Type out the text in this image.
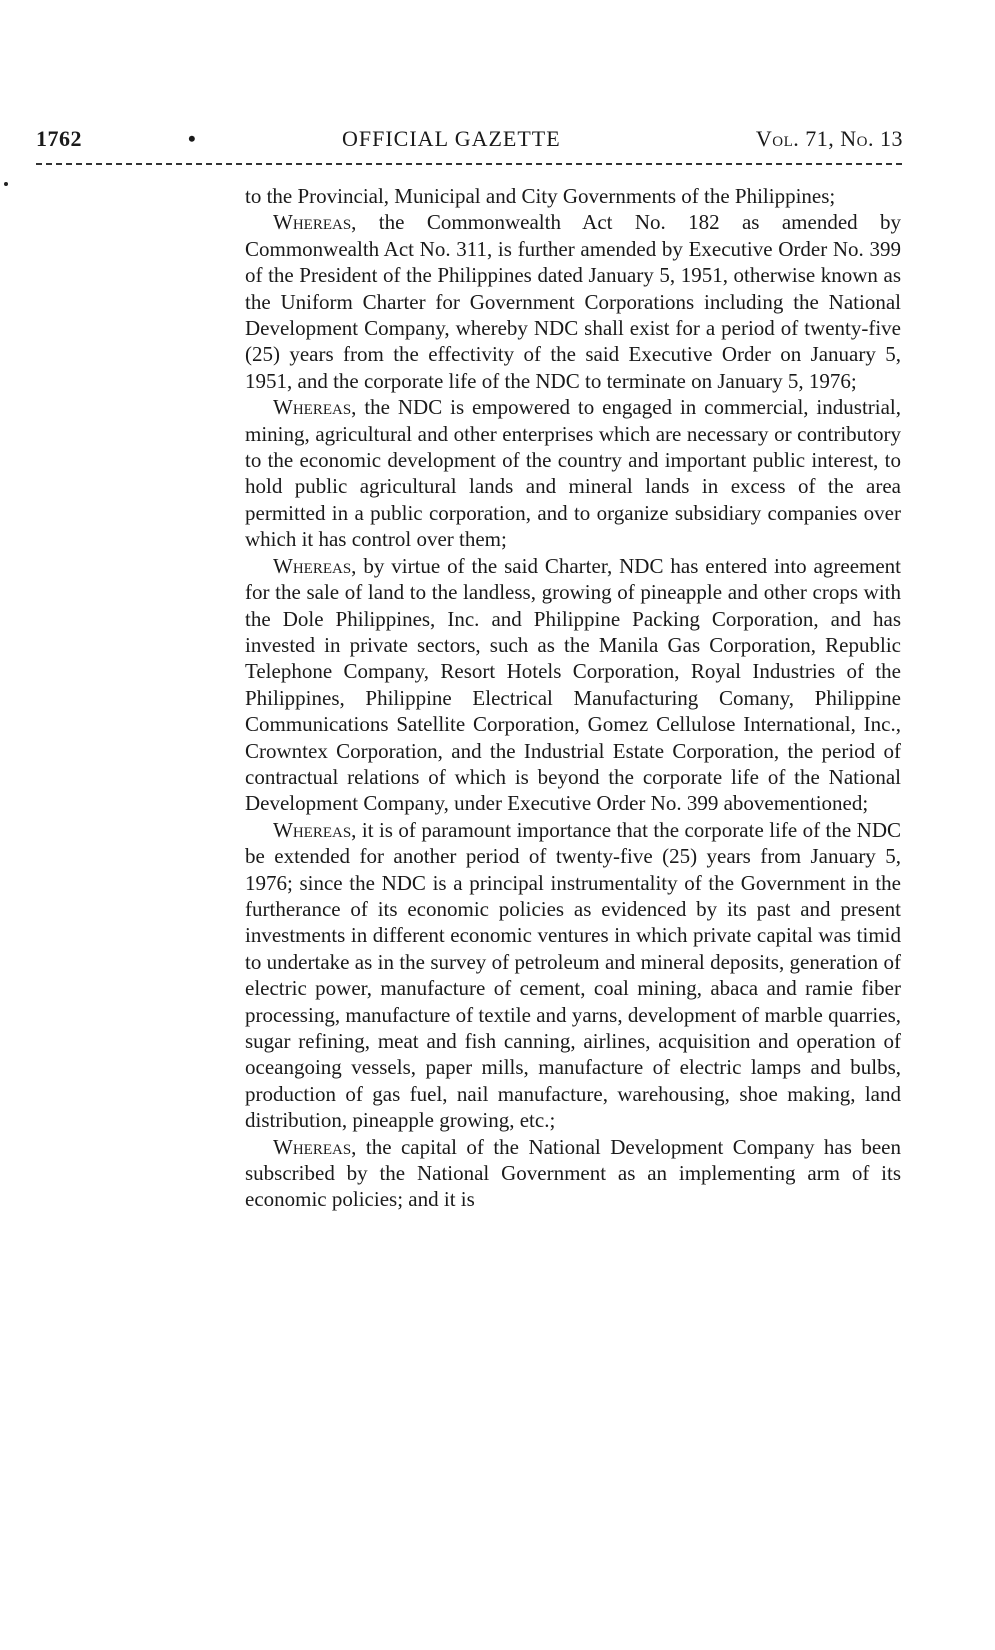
1762	•	OFFICIAL GAZETTE	Vol. 71, No. 13

to the Provincial, Municipal and City Governments of the Philippines;

Whereas, the Commonwealth Act No. 182 as amended by Commonwealth Act No. 311, is further amended by Executive Order No. 399 of the President of the Philippines dated January 5, 1951, otherwise known as the Uniform Charter for Government Corporations including the National Development Company, whereby NDC shall exist for a period of twenty-five (25) years from the effectivity of the said Executive Order on January 5, 1951, and the corporate life of the NDC to terminate on January 5, 1976;

Whereas, the NDC is empowered to engaged in commercial, industrial, mining, agricultural and other enterprises which are necessary or contributory to the economic development of the country and important public interest, to hold public agricultural lands and mineral lands in excess of the area permitted in a public corporation, and to organize subsidiary companies over which it has control over them;

Whereas, by virtue of the said Charter, NDC has entered into agreement for the sale of land to the landless, growing of pineapple and other crops with the Dole Philippines, Inc. and Philippine Packing Corporation, and has invested in private sectors, such as the Manila Gas Corporation, Republic Telephone Company, Resort Hotels Corporation, Royal Industries of the Philippines, Philippine Electrical Manufacturing Comany, Philippine Communications Satellite Corporation, Gomez Cellulose International, Inc., Crowntex Corporation, and the Industrial Estate Corporation, the period of contractual relations of which is beyond the corporate life of the National Development Company, under Executive Order No. 399 abovementioned;

Whereas, it is of paramount importance that the corporate life of the NDC be extended for another period of twenty-five (25) years from January 5, 1976; since the NDC is a principal instrumentality of the Government in the furtherance of its economic policies as evidenced by its past and present investments in different economic ventures in which private capital was timid to undertake as in the survey of petroleum and mineral deposits, generation of electric power, manufacture of cement, coal mining, abaca and ramie fiber processing, manufacture of textile and yarns, development of marble quarries, sugar refining, meat and fish canning, airlines, acquisition and operation of oceangoing vessels, paper mills, manufacture of electric lamps and bulbs, production of gas fuel, nail manufacture, warehousing, shoe making, land distribution, pineapple growing, etc.;

Whereas, the capital of the National Development Company has been subscribed by the National Government as an implementing arm of its economic policies; and it is
